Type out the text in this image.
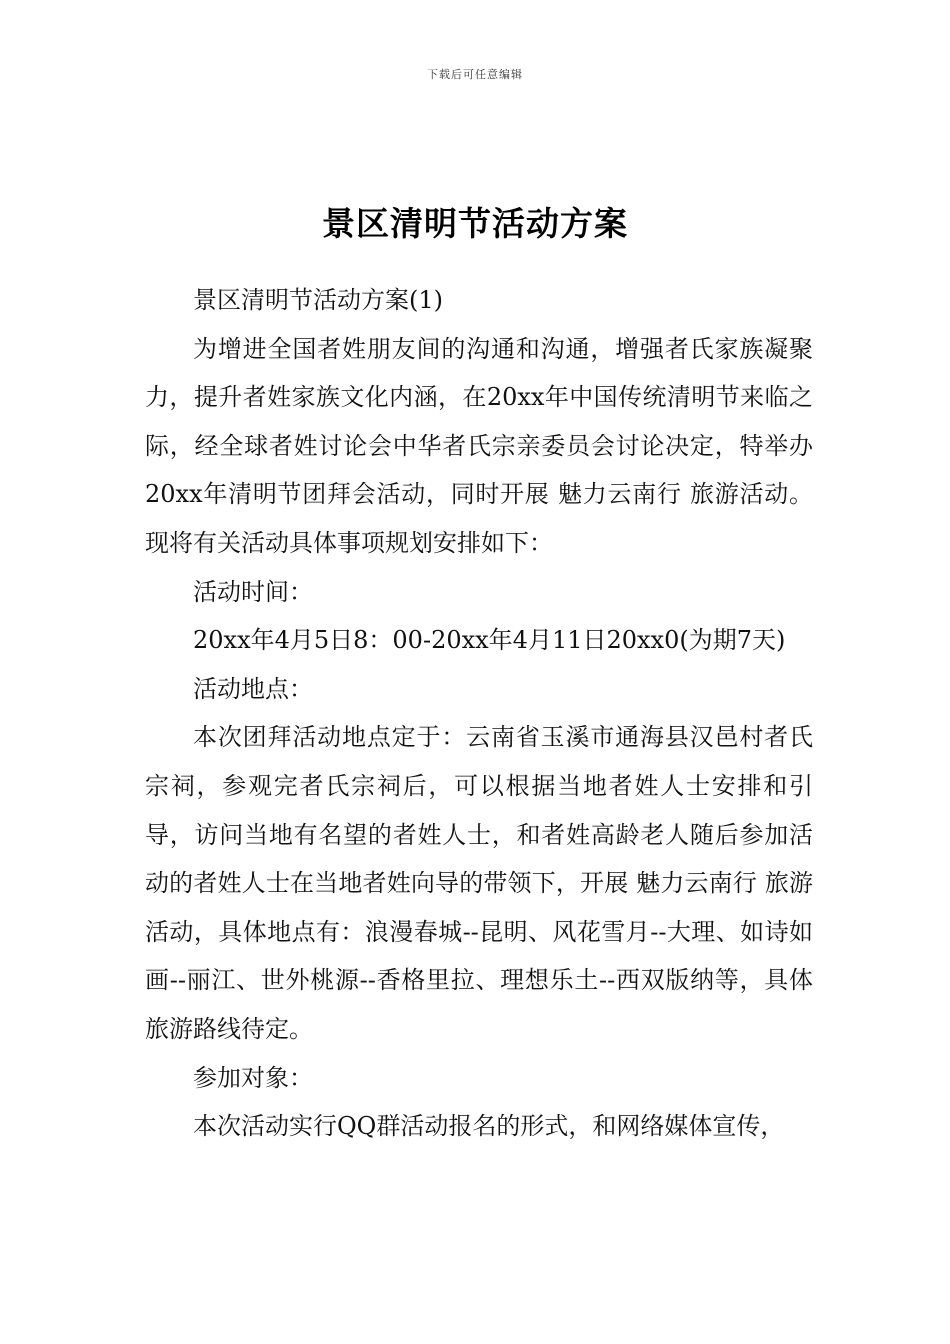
下载后可任意编辑
景区清明节活动方案

景区清明节活动方案(1)

为增进全国者姓朋友间的沟通和沟通，增强者氏家族凝聚力，提升者姓家族文化内涵，在20xx年中国传统清明节来临之际，经全球者姓讨论会中华者氏宗亲委员会讨论决定，特举办20xx年清明节团拜会活动，同时开展 魅力云南行 旅游活动。现将有关活动具体事项规划安排如下：

活动时间：

20xx年4月5日8：00-20xx年4月11日20xx0(为期7天)

活动地点：

本次团拜活动地点定于：云南省玉溪市通海县汉邑村者氏宗祠，参观完者氏宗祠后，可以根据当地者姓人士安排和引导，访问当地有名望的者姓人士，和者姓高龄老人随后参加活动的者姓人士在当地者姓向导的带领下，开展 魅力云南行 旅游活动，具体地点有：浪漫春城--昆明、风花雪月--大理、如诗如画--丽江、世外桃源--香格里拉、理想乐土--西双版纳等，具体旅游路线待定。

参加对象：

本次活动实行QQ群活动报名的形式，和网络媒体宣传，
